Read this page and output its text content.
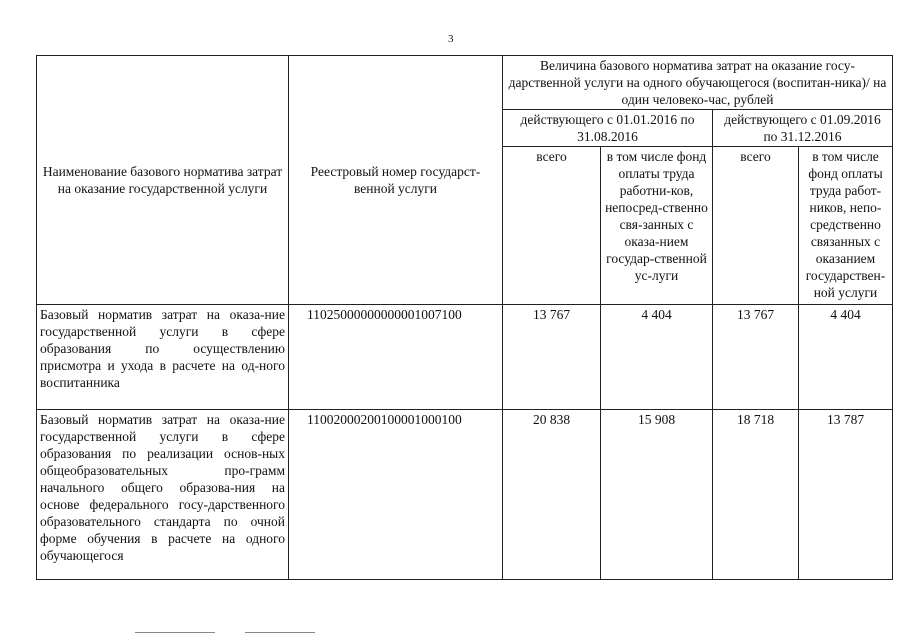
3
Наименование базового норматива затрат на оказание государственной услуги	Реестровый номер государст-венной услуги	Величина базового норматива затрат на оказание госу-дарственной услуги на одного обучающегося (воспитан-ника)/ на один человеко-час, рублей			
		действующего с 01.01.2016 по 31.08.2016		действующего с 01.09.2016 по 31.12.2016	
		всего	в том числе фонд оплаты труда работни-ков, непосред-ственно свя-занных с оказа-нием государ-ственной ус-луги	всего	в том числе фонд оплаты труда работ-ников, непо-средственно связанных с оказанием государствен-ной услуги
Базовый норматив затрат на оказа-ние государственной услуги в сфере образования по осуществлению присмотра и ухода в расчете на од-ного воспитанника	11025000000000001007100	13 767	4 404	13 767	4 404
Базовый норматив затрат на оказа-ние государственной услуги в сфере образования по реализации основ-ных общеобразовательных про-грамм начального общего образова-ния на основе федерального госу-дарственного образовательного стандарта по очной форме обучения в расчете на одного обучающегося	11002000200100001000100	20 838	15 908	18 718	13 787
